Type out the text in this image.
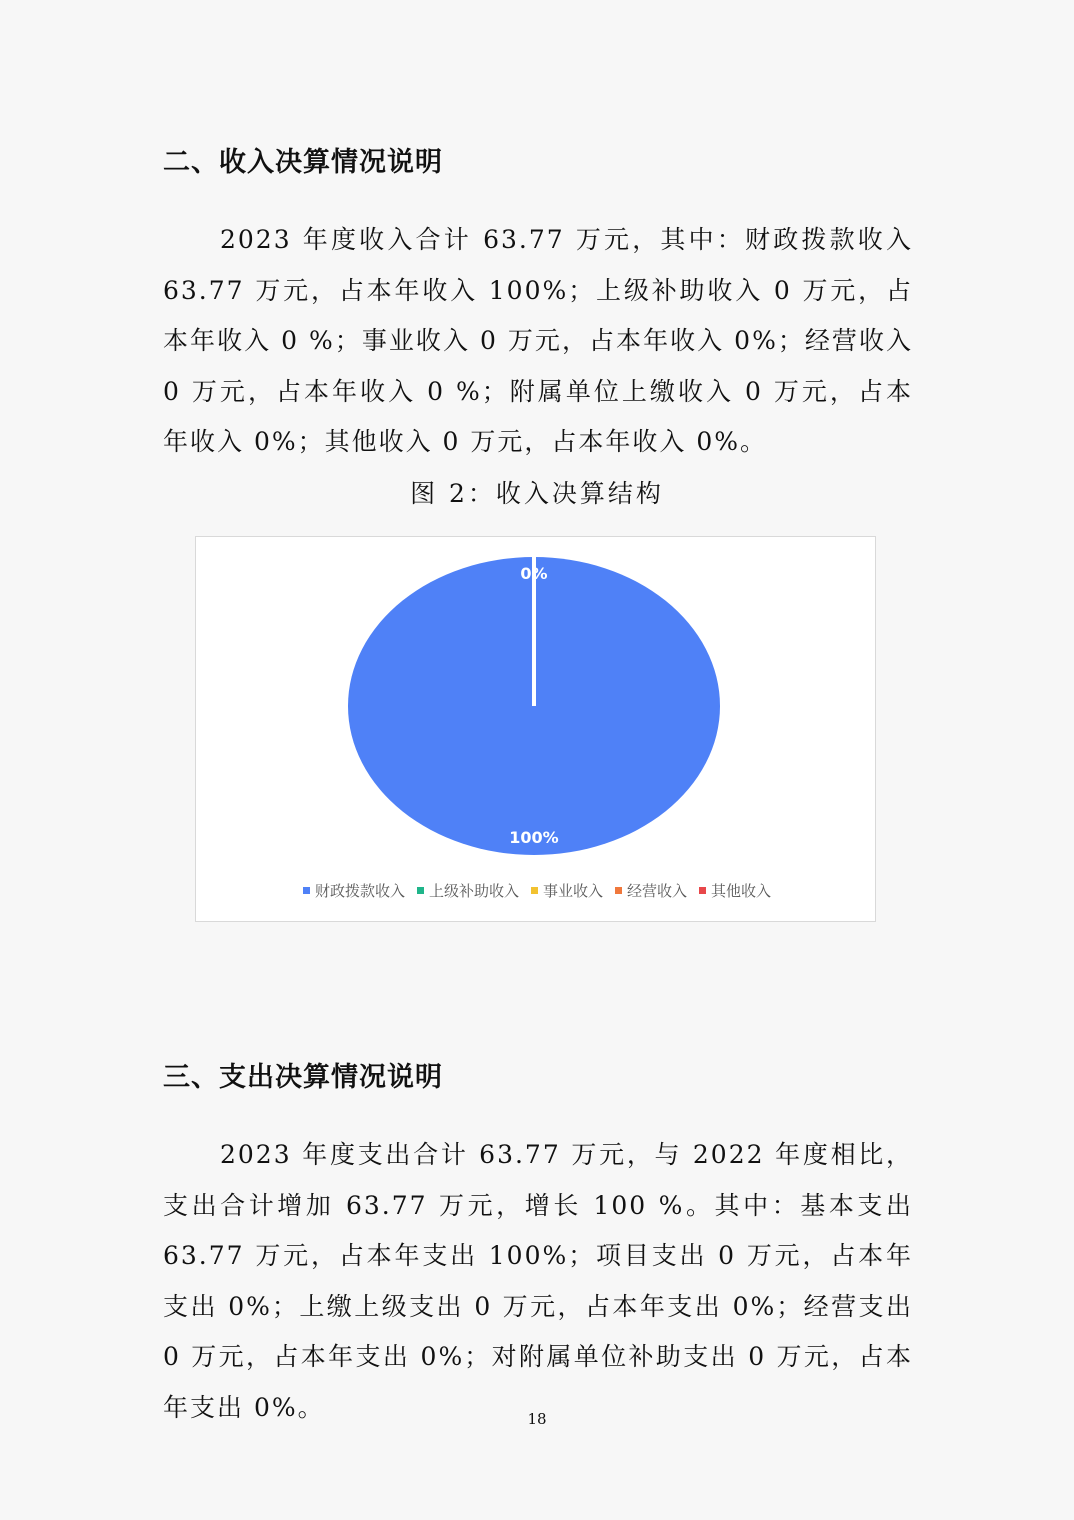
二、收入决算情况说明

2023 年度收入合计 63.77 万元，其中：财政拨款收入 63.77 万元，占本年收入 100%；上级补助收入 0 万元，占本年收入 0 %；事业收入 0 万元，占本年收入 0%；经营收入 0 万元，占本年收入 0 %；附属单位上缴收入 0 万元，占本年收入 0%；其他收入 0 万元，占本年收入 0%。

图 2：收入决算结构

100%
0%
财政拨款收入 上级补助收入 事业收入 经营收入 其他收入
三、支出决算情况说明

2023 年度支出合计 63.77 万元，与 2022 年度相比，支出合计增加 63.77 万元，增长 100 %。其中：基本支出 63.77 万元，占本年支出 100%；项目支出 0 万元，占本年支出 0%；上缴上级支出 0 万元，占本年支出 0%；经营支出 0 万元，占本年支出 0%；对附属单位补助支出 0 万元，占本年支出 0%。	18
